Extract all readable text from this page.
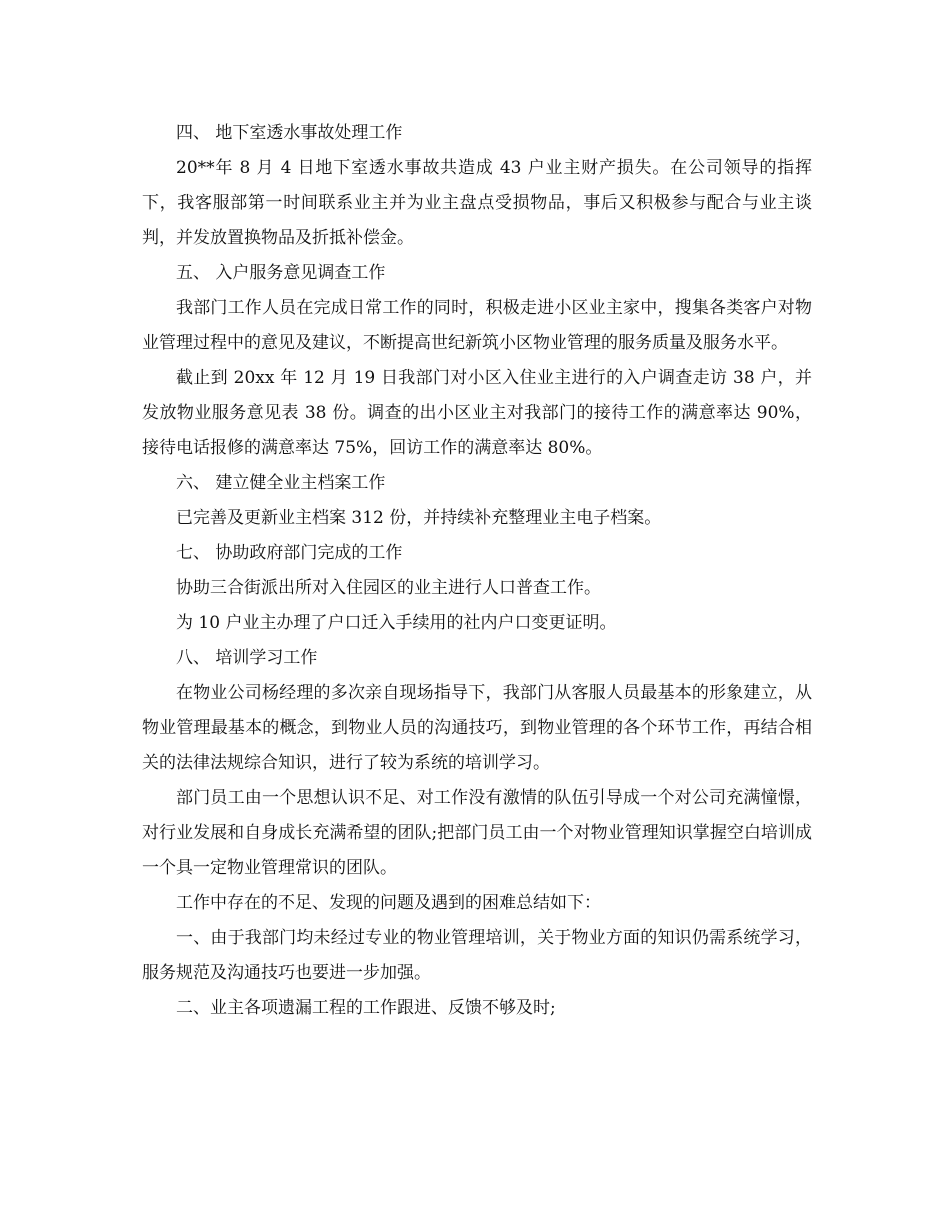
四、 地下室透水事故处理工作

20**年 8 月 4 日地下室透水事故共造成 43 户业主财产损失。在公司领导的指挥下，我客服部第一时间联系业主并为业主盘点受损物品，事后又积极参与配合与业主谈判，并发放置换物品及折抵补偿金。

五、 入户服务意见调查工作

我部门工作人员在完成日常工作的同时，积极走进小区业主家中，搜集各类客户对物业管理过程中的意见及建议，不断提高世纪新筑小区物业管理的服务质量及服务水平。

截止到 20xx 年 12 月 19 日我部门对小区入住业主进行的入户调查走访 38 户，并发放物业服务意见表 38 份。调查的出小区业主对我部门的接待工作的满意率达 90%，接待电话报修的满意率达 75%，回访工作的满意率达 80%。

六、 建立健全业主档案工作

已完善及更新业主档案 312 份，并持续补充整理业主电子档案。

七、 协助政府部门完成的工作

协助三合街派出所对入住园区的业主进行人口普查工作。

为 10 户业主办理了户口迁入手续用的社内户口变更证明。

八、 培训学习工作

在物业公司杨经理的多次亲自现场指导下，我部门从客服人员最基本的形象建立，从物业管理最基本的概念，到物业人员的沟通技巧，到物业管理的各个环节工作，再结合相关的法律法规综合知识，进行了较为系统的培训学习。

部门员工由一个思想认识不足、对工作没有激情的队伍引导成一个对公司充满憧憬，对行业发展和自身成长充满希望的团队;把部门员工由一个对物业管理知识掌握空白培训成一个具一定物业管理常识的团队。

工作中存在的不足、发现的问题及遇到的困难总结如下：

一、由于我部门均未经过专业的物业管理培训，关于物业方面的知识仍需系统学习，服务规范及沟通技巧也要进一步加强。

二、业主各项遗漏工程的工作跟进、反馈不够及时;
